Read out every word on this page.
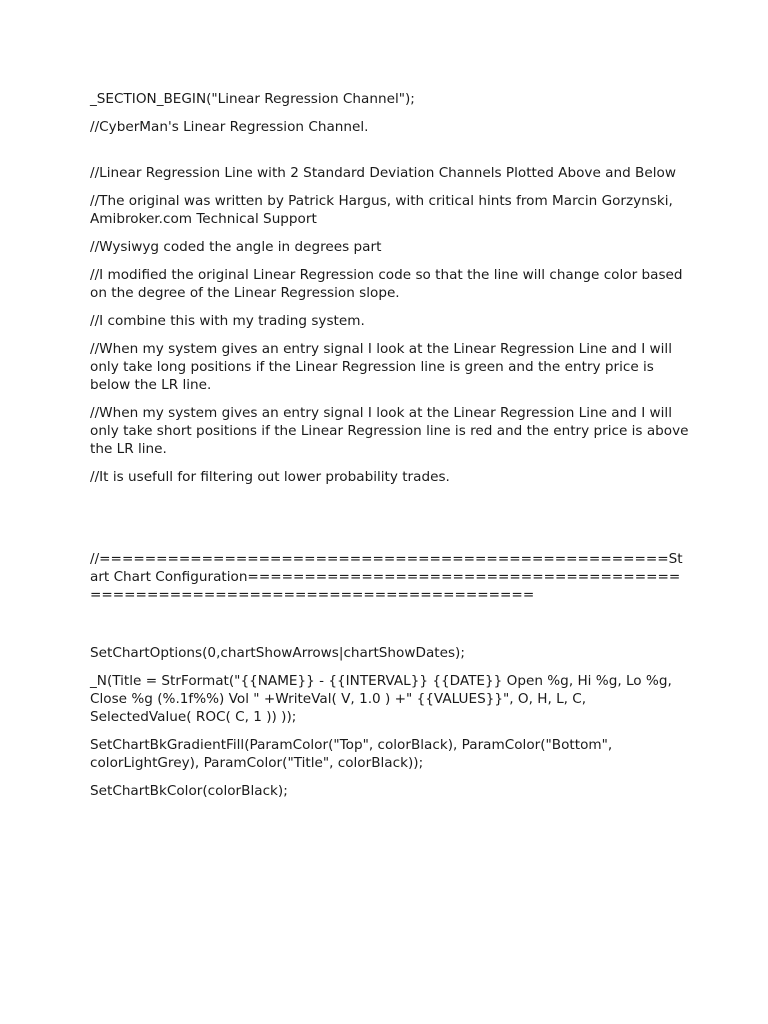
_SECTION_BEGIN("Linear Regression Channel");

//CyberMan's Linear Regression Channel.

//Linear Regression Line with 2 Standard Deviation Channels Plotted Above and Below

//The original was written by Patrick Hargus, with critical hints from Marcin Gorzynski, Amibroker.com Technical Support

//Wysiwyg coded the angle in degrees part

//I modified the original Linear Regression code so that the line will change color based on the degree of the Linear Regression slope.

//I combine this with my trading system.

//When my system gives an entry signal I look at the Linear Regression Line and I will only take long positions if the Linear Regression line is green and the entry price is below the LR line.

//When my system gives an entry signal I look at the Linear Regression Line and I will only take short positions if the Linear Regression line is red and the entry price is above the LR line.

//It is usefull for filtering out lower probability trades.

//==================================================Start Chart Configuration=============================================================================

SetChartOptions(0,chartShowArrows|chartShowDates);

_N(Title = StrFormat("{{NAME}} - {{INTERVAL}} {{DATE}} Open %g, Hi %g, Lo %g, Close %g (%.1f%%) Vol " +WriteVal( V, 1.0 ) +" {{VALUES}}", O, H, L, C, SelectedValue( ROC( C, 1 )) ));

SetChartBkGradientFill(ParamColor("Top", colorBlack), ParamColor("Bottom", colorLightGrey), ParamColor("Title", colorBlack));

SetChartBkColor(colorBlack);
